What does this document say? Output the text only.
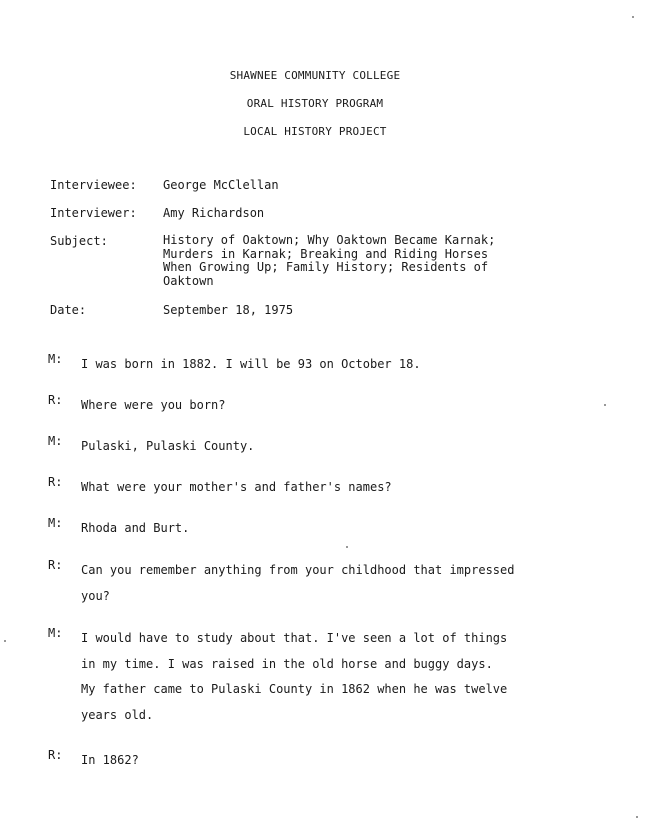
SHAWNEE COMMUNITY COLLEGE
ORAL HISTORY PROGRAM
LOCAL HISTORY PROJECT
Interviewee: George McClellan
Interviewer: Amy Richardson
Subject:	History of Oaktown; Why Oaktown Became Karnak;
Murders in Karnak; Breaking and Riding Horses
When Growing Up; Family History; Residents of
Oaktown
Date:	September 18, 1975
M: I was born in 1882. I will be 93 on October 18.
R: Where were you born?
M: Pulaski, Pulaski County.
R: What were your mother's and father's names?
M: Rhoda and Burt.
R: Can you remember anything from your childhood that impressed
you?
M: I would have to study about that. I've seen a lot of things
in my time. I was raised in the old horse and buggy days.
My father came to Pulaski County in 1862 when he was twelve
years old.
R: In 1862?
